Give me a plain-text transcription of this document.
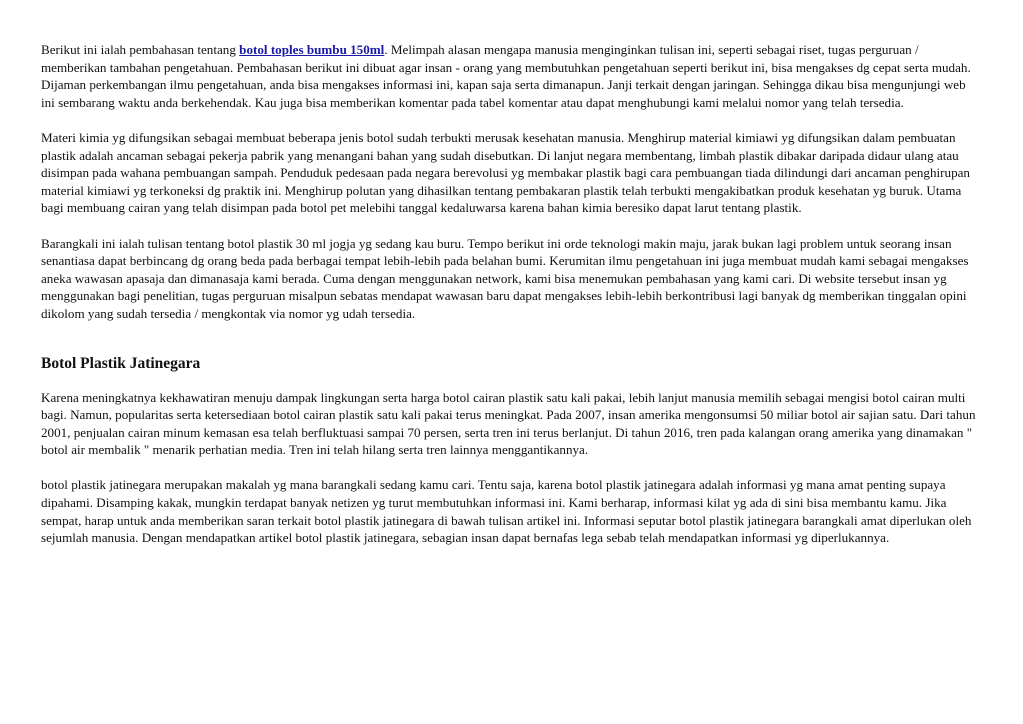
Berikut ini ialah pembahasan tentang botol toples bumbu 150ml. Melimpah alasan mengapa manusia menginginkan tulisan ini, seperti sebagai riset, tugas perguruan / memberikan tambahan pengetahuan. Pembahasan berikut ini dibuat agar insan - orang yang membutuhkan pengetahuan seperti berikut ini, bisa mengakses dg cepat serta mudah. Dijaman perkembangan ilmu pengetahuan, anda bisa mengakses informasi ini, kapan saja serta dimanapun. Janji terkait dengan jaringan. Sehingga dikau bisa mengunjungi web ini sembarang waktu anda berkehendak. Kau juga bisa memberikan komentar pada tabel komentar atau dapat menghubungi kami melalui nomor yang telah tersedia.

Materi kimia yg difungsikan sebagai membuat beberapa jenis botol sudah terbukti merusak kesehatan manusia. Menghirup material kimiawi yg difungsikan dalam pembuatan plastik adalah ancaman sebagai pekerja pabrik yang menangani bahan yang sudah disebutkan. Di lanjut negara membentang, limbah plastik dibakar daripada didaur ulang atau disimpan pada wahana pembuangan sampah. Penduduk pedesaan pada negara berevolusi yg membakar plastik bagi cara pembuangan tiada dilindungi dari ancaman penghirupan material kimiawi yg terkoneksi dg praktik ini. Menghirup polutan yang dihasilkan tentang pembakaran plastik telah terbukti mengakibatkan produk kesehatan yg buruk. Utama bagi membuang cairan yang telah disimpan pada botol pet melebihi tanggal kedaluwarsa karena bahan kimia beresiko dapat larut tentang plastik.

Barangkali ini ialah tulisan tentang botol plastik 30 ml jogja yg sedang kau buru. Tempo berikut ini orde teknologi makin maju, jarak bukan lagi problem untuk seorang insan senantiasa dapat berbincang dg orang beda pada berbagai tempat lebih-lebih pada belahan bumi. Kerumitan ilmu pengetahuan ini juga membuat mudah kami sebagai mengakses aneka wawasan apasaja dan dimanasaja kami berada. Cuma dengan menggunakan network, kami bisa menemukan pembahasan yang kami cari. Di website tersebut insan yg menggunakan bagi penelitian, tugas perguruan misalpun sebatas mendapat wawasan baru dapat mengakses lebih-lebih berkontribusi lagi banyak dg memberikan tinggalan opini dikolom yang sudah tersedia / mengkontak via nomor yg udah tersedia.

Botol Plastik Jatinegara

Karena meningkatnya kekhawatiran menuju dampak lingkungan serta harga botol cairan plastik satu kali pakai, lebih lanjut manusia memilih sebagai mengisi botol cairan multi bagi. Namun, popularitas serta ketersediaan botol cairan plastik satu kali pakai terus meningkat. Pada 2007, insan amerika mengonsumsi 50 miliar botol air sajian satu. Dari tahun 2001, penjualan cairan minum kemasan esa telah berfluktuasi sampai 70 persen, serta tren ini terus berlanjut. Di tahun 2016, tren pada kalangan orang amerika yang dinamakan " botol air membalik " menarik perhatian media. Tren ini telah hilang serta tren lainnya menggantikannya.

botol plastik jatinegara merupakan makalah yg mana barangkali sedang kamu cari. Tentu saja, karena botol plastik jatinegara adalah informasi yg mana amat penting supaya dipahami. Disamping kakak, mungkin terdapat banyak netizen yg turut membutuhkan informasi ini. Kami berharap, informasi kilat yg ada di sini bisa membantu kamu. Jika sempat, harap untuk anda memberikan saran terkait botol plastik jatinegara di bawah tulisan artikel ini. Informasi seputar botol plastik jatinegara barangkali amat diperlukan oleh sejumlah manusia. Dengan mendapatkan artikel botol plastik jatinegara, sebagian insan dapat bernafas lega sebab telah mendapatkan informasi yg diperlukannya.
